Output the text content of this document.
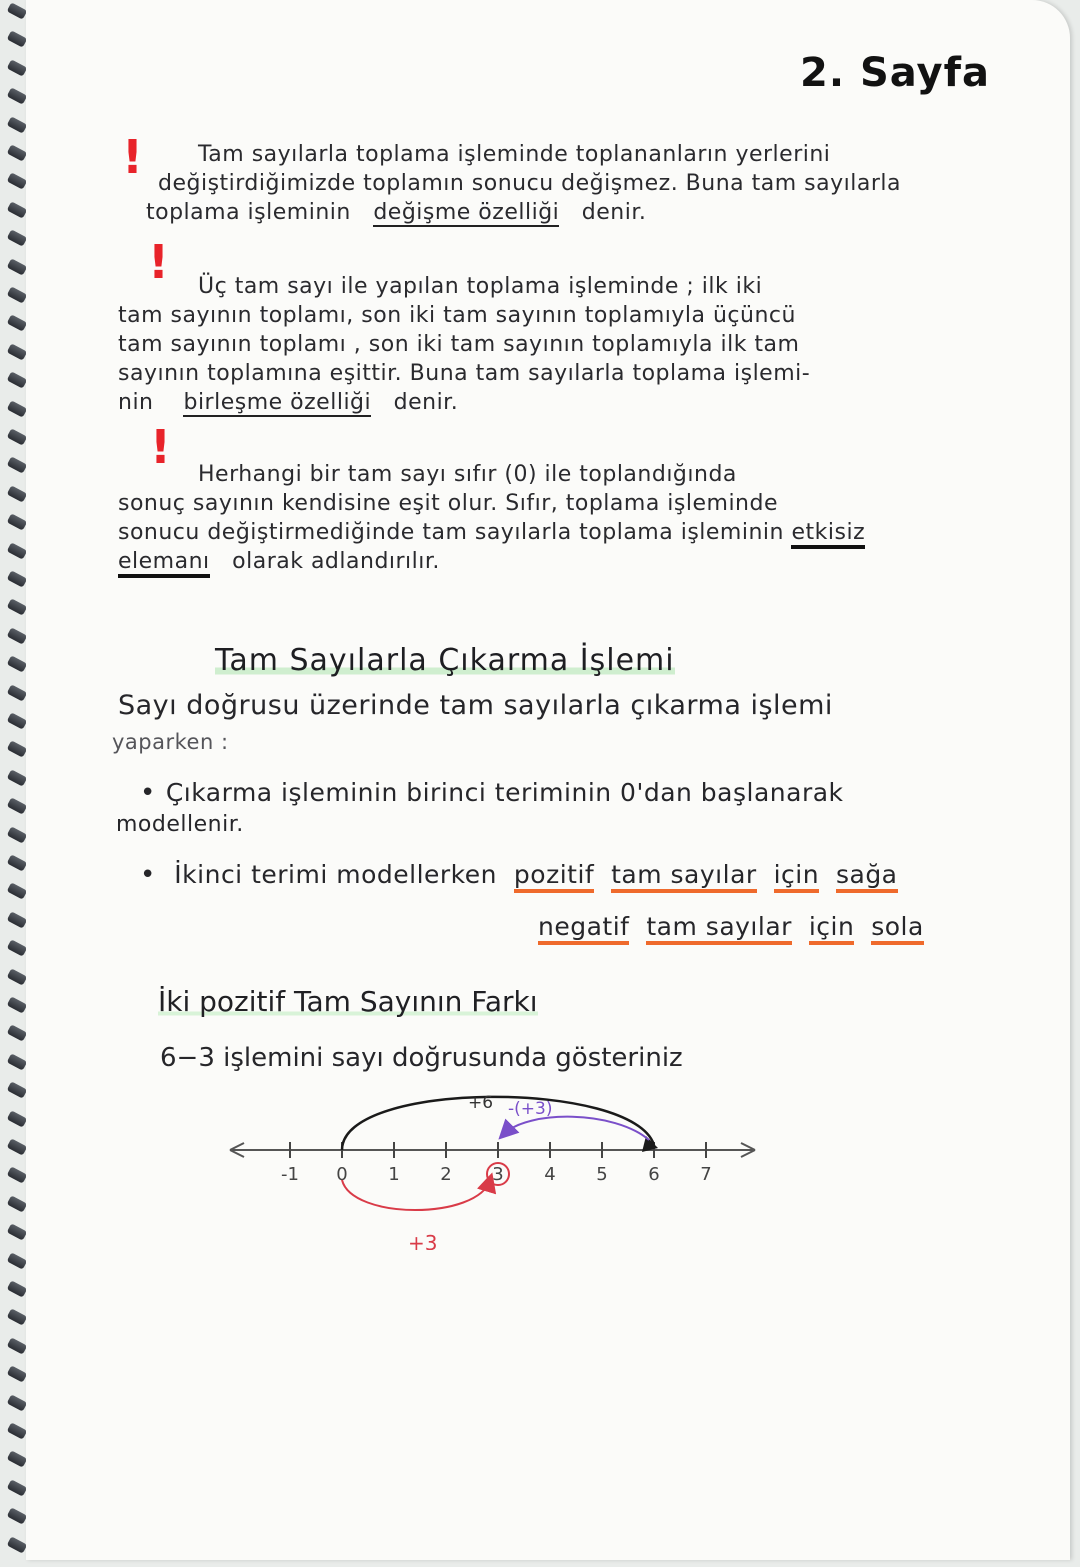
2. Sayfa
!	Tam sayılarla toplama işleminde toplananların yerlerini
değiştirdiğimizde toplamın sonucu değişmez. Buna tam sayılarla
toplama işleminin değişme özelliği denir.
!	Üç tam sayı ile yapılan toplama işleminde ; ilk iki
tam sayının toplamı, son iki tam sayının toplamıyla üçüncü
tam sayının toplamı , son iki tam sayının toplamıyla ilk tam
sayının toplamına eşittir. Buna tam sayılarla toplama işlemi-
nin birleşme özelliği denir.
!
Herhangi bir tam sayı sıfır (0) ile toplandığında
sonuç sayının kendisine eşit olur. Sıfır, toplama işleminde
sonucu değiştirmediğinde tam sayılarla toplama işleminin etkisiz
elemanı olarak adlandırılır.
Tam Sayılarla Çıkarma İşlemi
Sayı doğrusu üzerinde tam sayılarla çıkarma işlemi
yaparken :
• Çıkarma işleminin birinci teriminin 0'dan başlanarak
modellenir.
• İkinci terimi modellerken pozitif tam sayılar için sağa
negatif tam sayılar için sola
İki pozitif Tam Sayının Farkı
6−3 işlemini sayı doğrusunda gösteriniz
-1 0 1 2 3 4 5 6 7
+6 -(+3)
+3
